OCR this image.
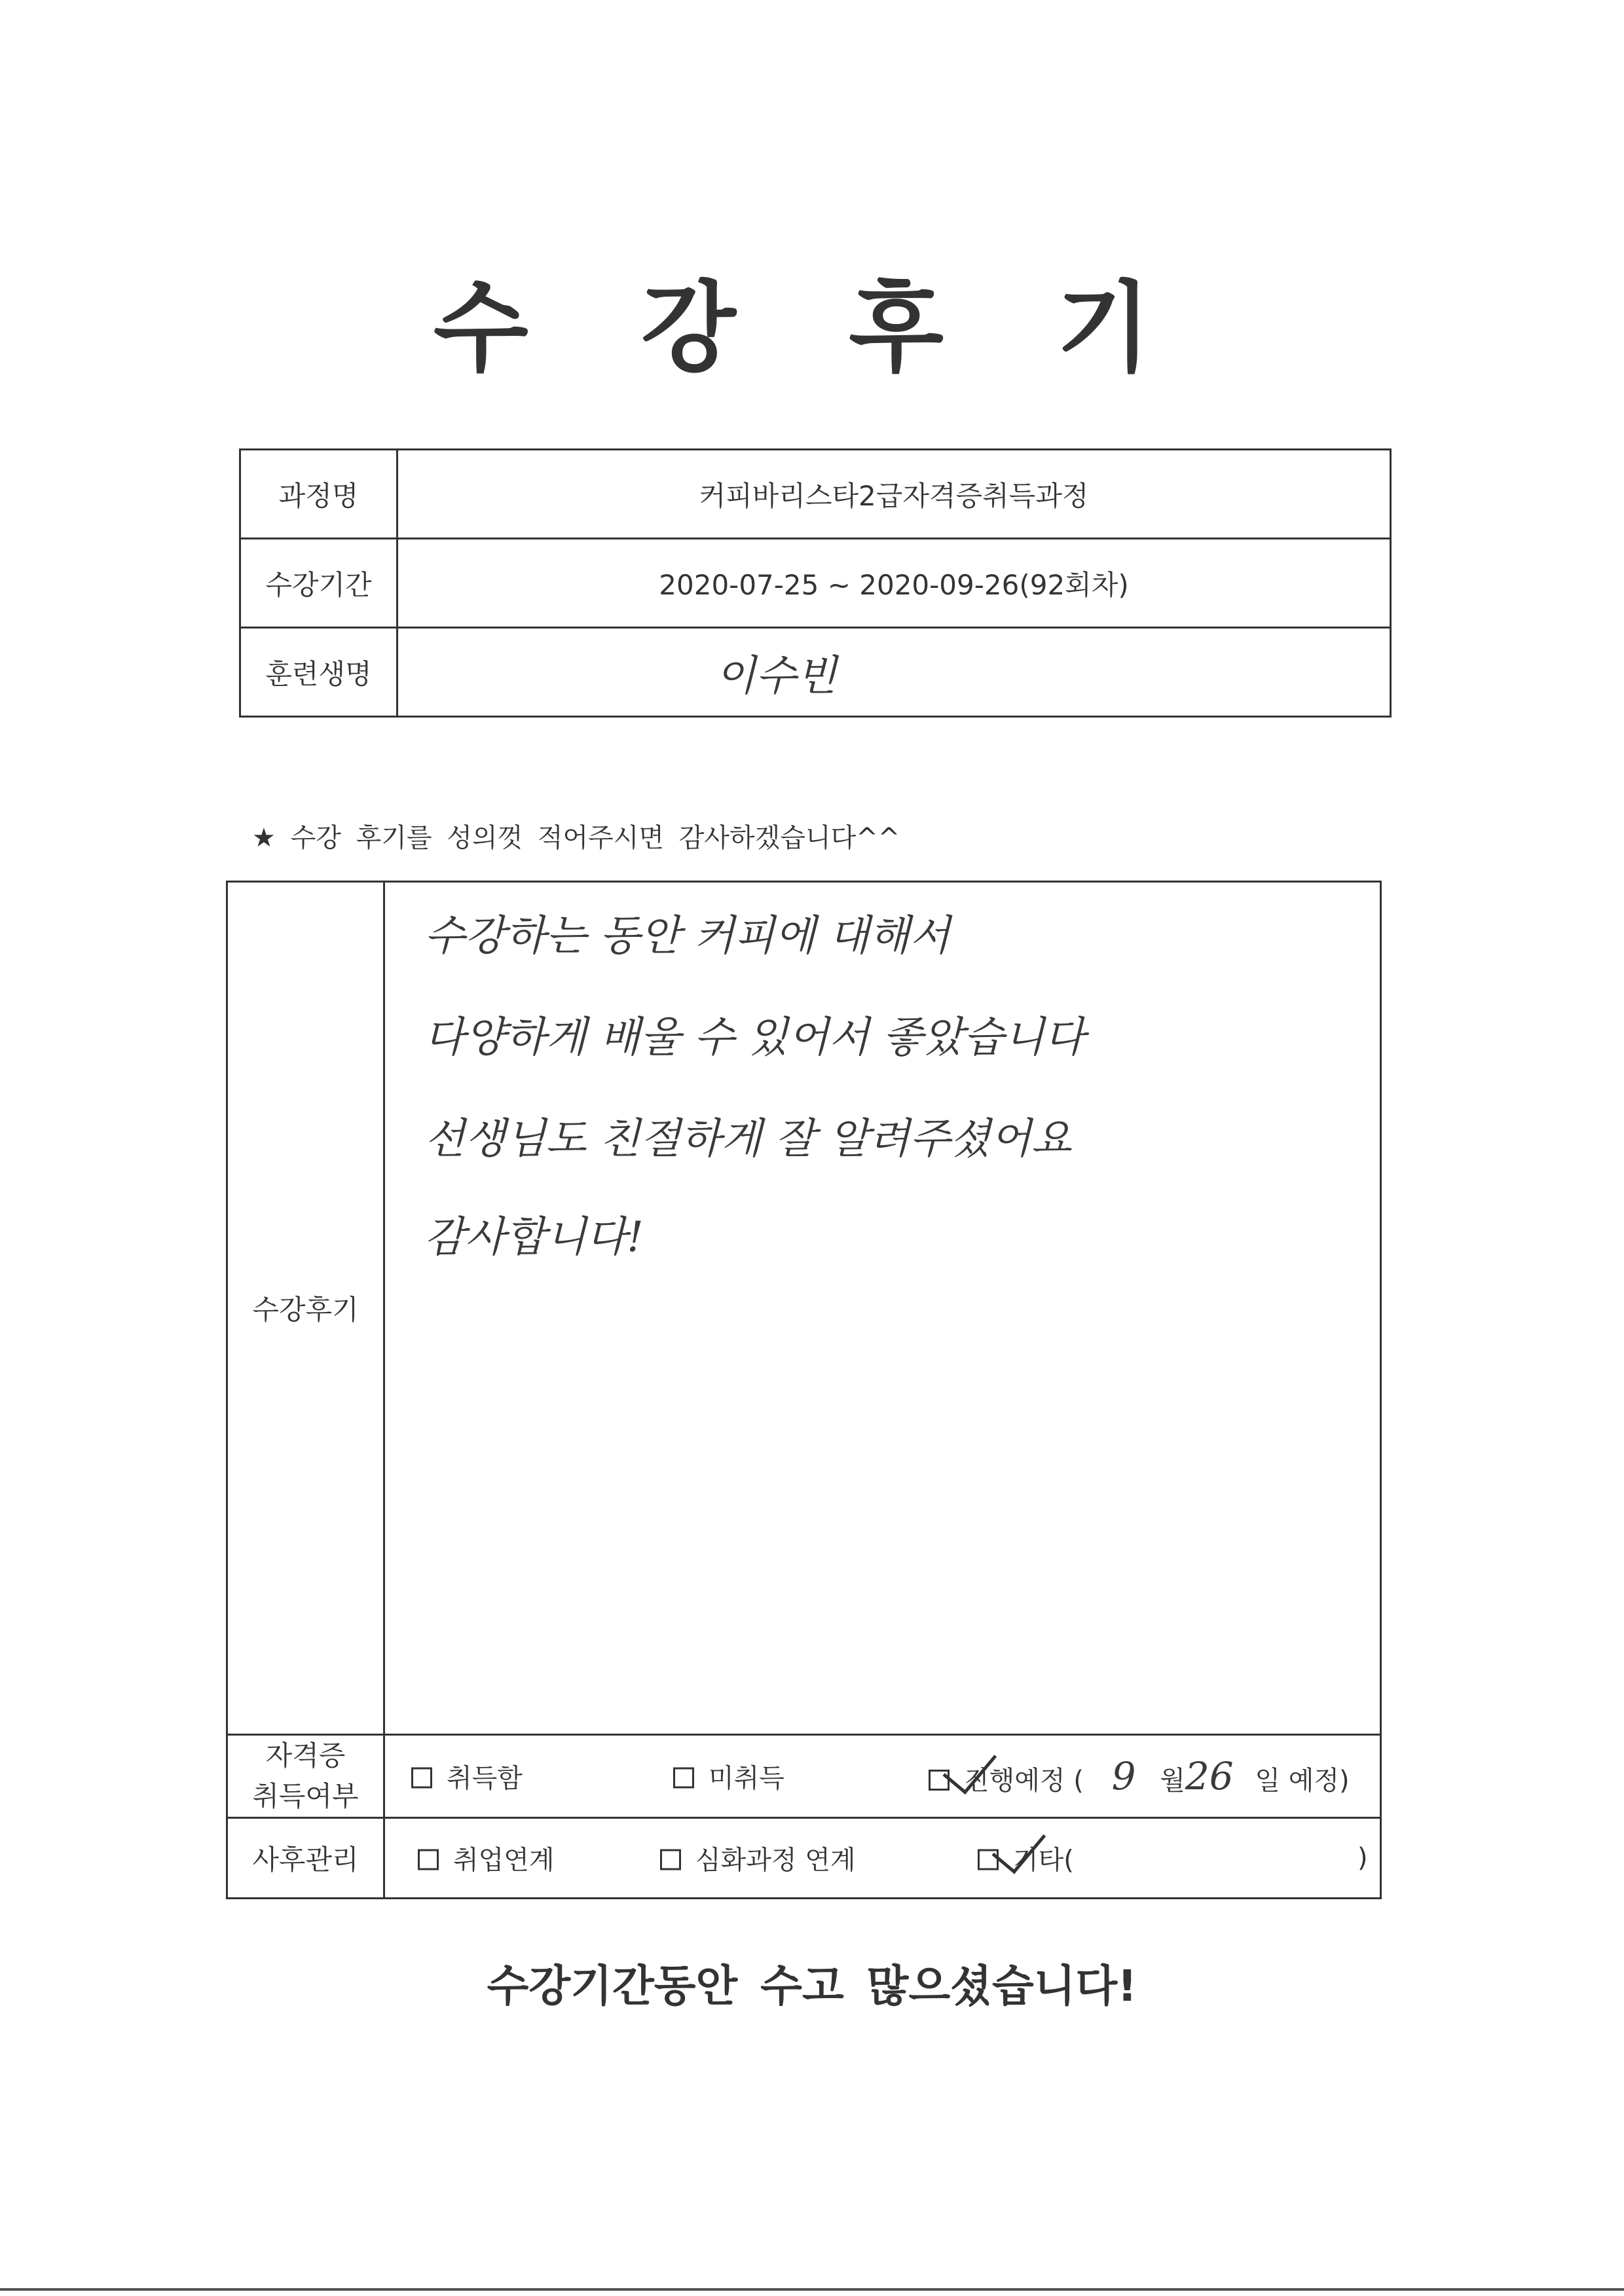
수 강 후 기
과정명	커피바리스타2급자격증취득과정
수강기간	2020-07-25 ~ 2020-09-26(92회차)
훈련생명	이수빈
★ 수강 후기를 성의껏 적어주시면 감사하겠습니다^^
수강후기	수강하는 동안 커피에 대해서
다양하게 배울 수 있어서 좋았습니다
선생님도 친절하게 잘 알려주셨어요
감사합니다!

자격증
취득여부	취득함 미취득 진행예정 ( 9 월26 일 예정)

사후관리	취업연계 심화과정 연계 기타( )
수강기간동안 수고 많으셨습니다!
